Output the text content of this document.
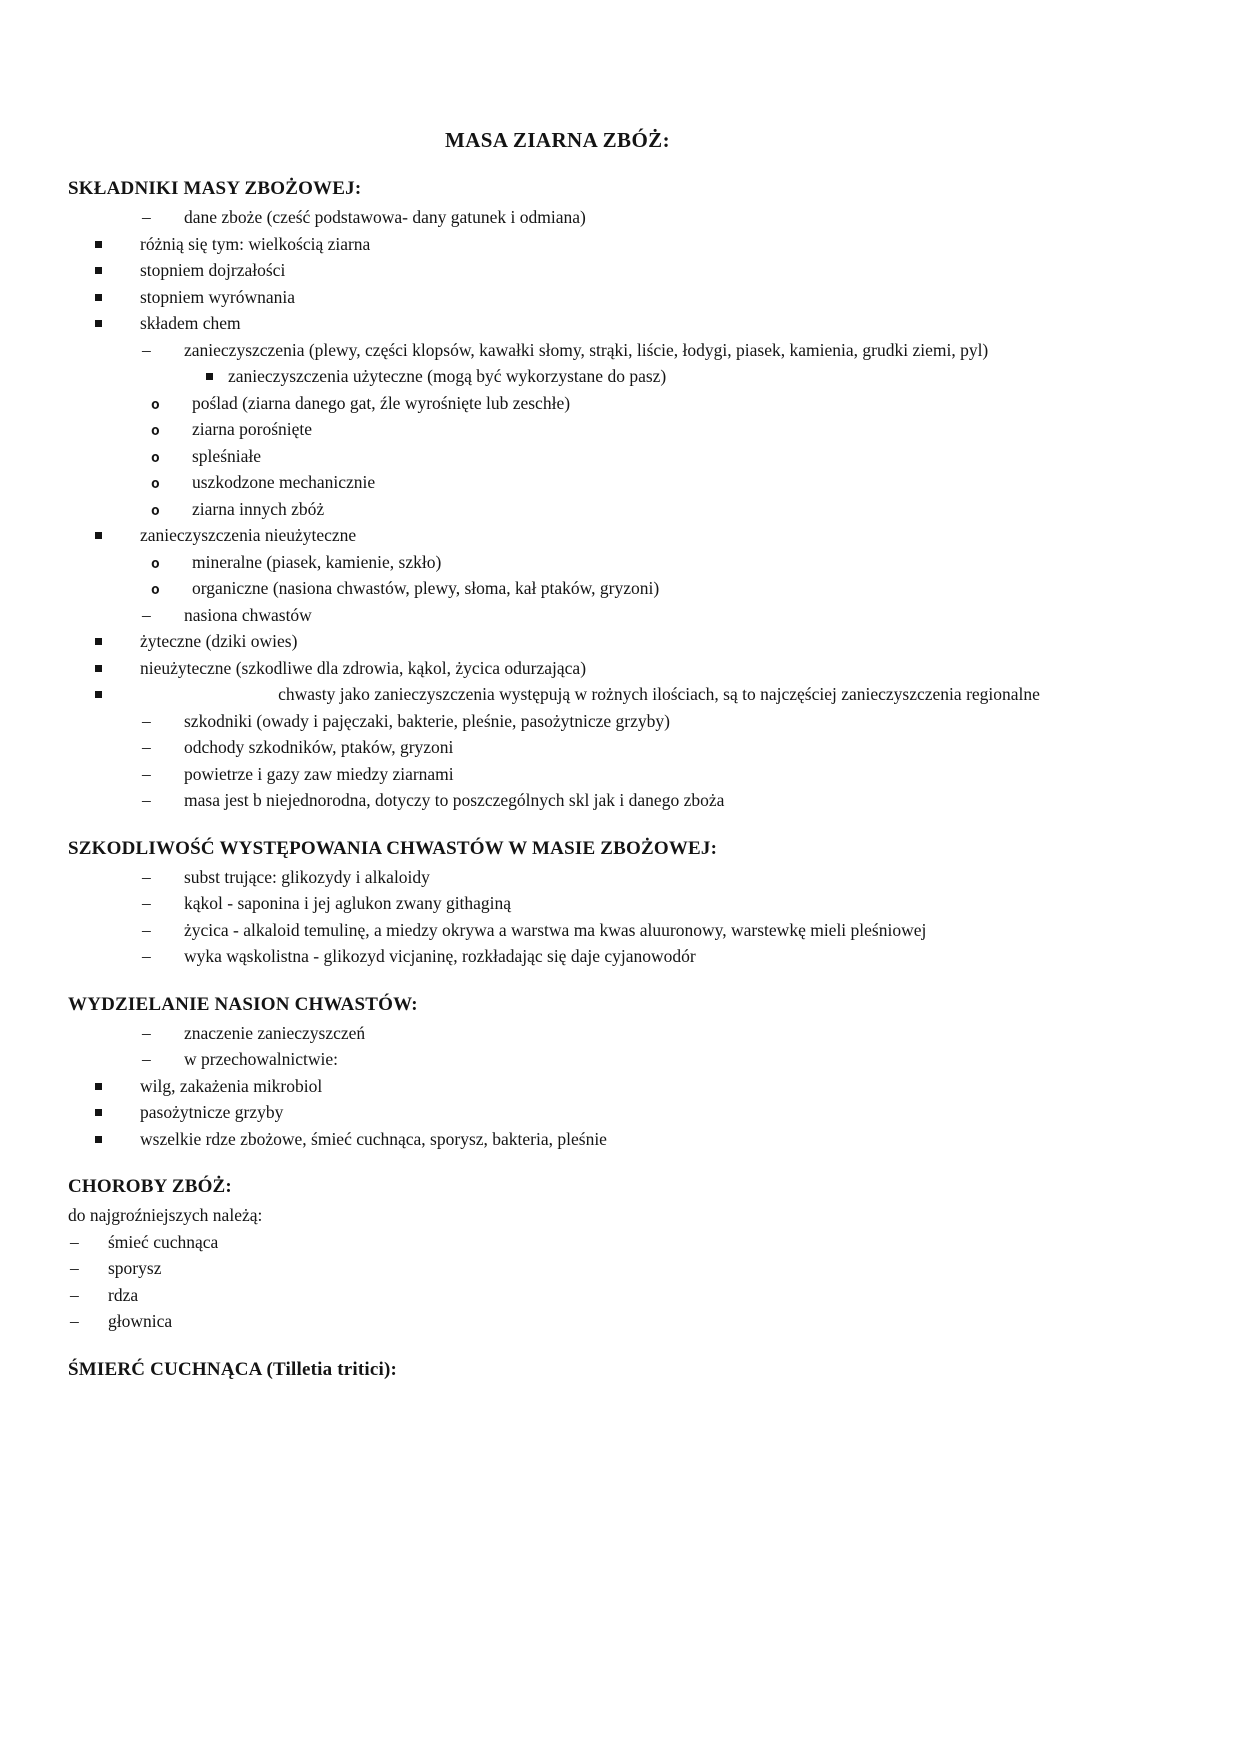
MASA ZIARNA ZBÓŻ:
SKŁADNIKI MASY ZBOŻOWEJ:
– dane zboże (cześć podstawowa- dany gatunek i odmiana)
różnią się tym: wielkością ziarna
stopniem dojrzałości
stopniem wyrównania
składem chem
– zanieczyszczenia (plewy, części klopsów, kawałki słomy, strąki, liście, łodygi, piasek, kamienia, grudki ziemi, pyl)
zanieczyszczenia użyteczne (mogą być wykorzystane do pasz)
o poślad (ziarna danego gat, źle wyrośnięte lub zeschłe)
o ziarna porośnięte
o spleśniałe
o uszkodzone mechanicznie
o ziarna innych zbóż
zanieczyszczenia nieużyteczne
o mineralne (piasek, kamienie, szkło)
o organiczne (nasiona chwastów, plewy, słoma, kał ptaków, gryzoni)
– nasiona chwastów
żyteczne (dziki owies)
nieużyteczne (szkodliwe dla zdrowia, kąkol, życica odurzająca)
chwasty jako zanieczyszczenia występują w rożnych ilościach, są to najczęściej zanieczyszczenia regionalne
– szkodniki (owady i pajęczaki, bakterie, pleśnie, pasożytnicze grzyby)
– odchody szkodników, ptaków, gryzoni
– powietrze i gazy zaw miedzy ziarnami
– masa jest b niejednorodna, dotyczy to poszczególnych skl jak i danego zboża
SZKODLIWOŚĆ WYSTĘPOWANIA CHWASTÓW W MASIE ZBOŻOWEJ:
– subst trujące: glikozydy i alkaloidy
– kąkol - saponina i jej aglukon zwany githaginą
– życica - alkaloid temulinę, a miedzy okrywa a warstwa ma kwas aluuronowy, warstewkę mieli pleśniowej
– wyka wąskolistna - glikozyd vicjaninę, rozkładając się daje cyjanowodór
WYDZIELANIE NASION CHWASTÓW:
– znaczenie zanieczyszczeń
– w przechowalnictwie:
wilg, zakażenia mikrobiol
pasożytnicze grzyby
wszelkie rdze zbożowe, śmieć cuchnąca, sporysz, bakteria, pleśnie
CHOROBY ZBÓŻ:
do najgroźniejszych należą:
– śmieć cuchnąca
– sporysz
– rdza
– głownica
ŚMIERĆ CUCHNĄCA (Tilletia tritici):
